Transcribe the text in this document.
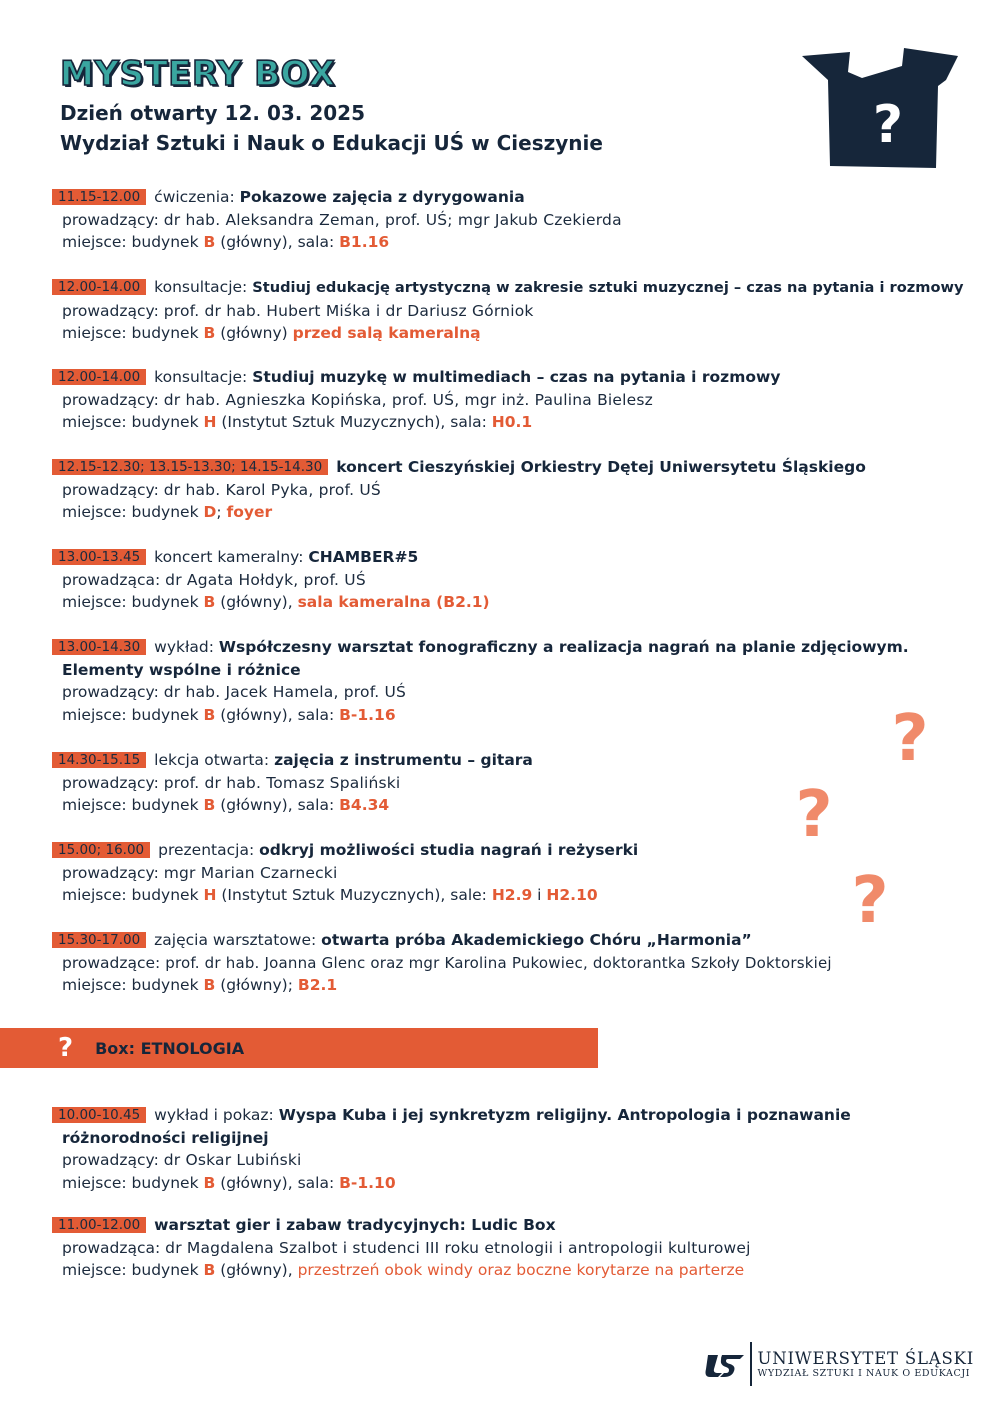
MYSTERY BOX

Dzień otwarty 12. 03. 2025

Wydział Sztuki i Nauk o Edukacji UŚ w Cieszynie	?
?
?
?
11.15-12.00 ćwiczenia: Pokazowe zajęcia z dyrygowania
prowadzący: dr hab. Aleksandra Zeman, prof. UŚ; mgr Jakub Czekierda
miejsce: budynek B (główny), sala: B1.16
12.00-14.00 konsultacje: Studiuj edukację artystyczną w zakresie sztuki muzycznej – czas na pytania i rozmowy
prowadzący: prof. dr hab. Hubert Miśka i dr Dariusz Górniok
miejsce: budynek B (główny) przed salą kameralną
12.00-14.00 konsultacje: Studiuj muzykę w multimediach – czas na pytania i rozmowy
prowadzący: dr hab. Agnieszka Kopińska, prof. UŚ, mgr inż. Paulina Bielesz
miejsce: budynek H (Instytut Sztuk Muzycznych), sala: H0.1
12.15-12.30; 13.15-13.30; 14.15-14.30 koncert Cieszyńskiej Orkiestry Dętej Uniwersytetu Śląskiego
prowadzący: dr hab. Karol Pyka, prof. UŚ
miejsce: budynek D; foyer
13.00-13.45 koncert kameralny: CHAMBER#5
prowadząca: dr Agata Hołdyk, prof. UŚ
miejsce: budynek B (główny), sala kameralna (B2.1)
13.00-14.30 wykład: Współczesny warsztat fonograficzny a realizacja nagrań na planie zdjęciowym.
Elementy wspólne i różnice
prowadzący: dr hab. Jacek Hamela, prof. UŚ
miejsce: budynek B (główny), sala: B-1.16
14.30-15.15 lekcja otwarta: zajęcia z instrumentu – gitara
prowadzący: prof. dr hab. Tomasz Spaliński
miejsce: budynek B (główny), sala: B4.34
15.00; 16.00 prezentacja: odkryj możliwości studia nagrań i reżyserki
prowadzący: mgr Marian Czarnecki
miejsce: budynek H (Instytut Sztuk Muzycznych), sale: H2.9 i H2.10
15.30-17.00 zajęcia warsztatowe: otwarta próba Akademickiego Chóru „Harmonia”
prowadzące: prof. dr hab. Joanna Glenc oraz mgr Karolina Pukowiec, doktorantka Szkoły Doktorskiej
miejsce: budynek B (główny); B2.1
? Box: ETNOLOGIA
10.00-10.45 wykład i pokaz: Wyspa Kuba i jej synkretyzm religijny. Antropologia i poznawanie
różnorodności religijnej
prowadzący: dr Oskar Lubiński
miejsce: budynek B (główny), sala: B-1.10
11.00-12.00 warsztat gier i zabaw tradycyjnych: Ludic Box
prowadząca: dr Magdalena Szalbot i studenci III roku etnologii i antropologii kulturowej
miejsce: budynek B (główny), przestrzeń obok windy oraz boczne korytarze na parterze
UNIWERSYTET ŚLĄSKI
WYDZIAŁ SZTUKI I NAUK O EDUKACJI
